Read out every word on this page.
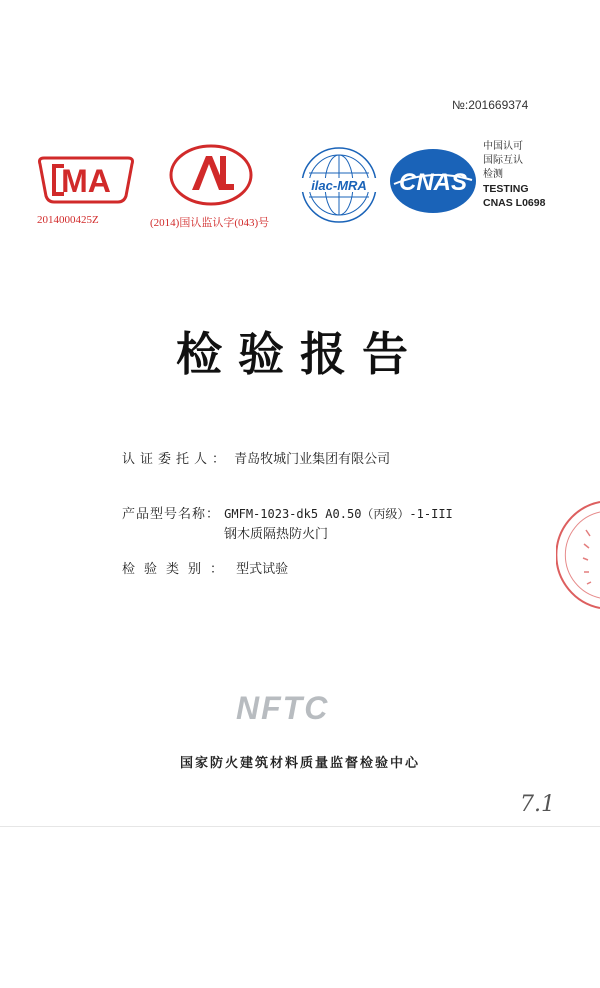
№:201669374
MA
2014000425Z	(2014)国认监认字(043)号
ilac-MRA CNAS
中国认可
国际互认
检测
TESTING
CNAS L0698
检验报告
认证委托人： 青岛牧城门业集团有限公司
产品型号名称： GMFM-1023-dk5 A0.50（丙级）-1-III
钢木质隔热防火门
检验类别： 型式试验
NFTC
国家防火建筑材料质量监督检验中心
7.1
